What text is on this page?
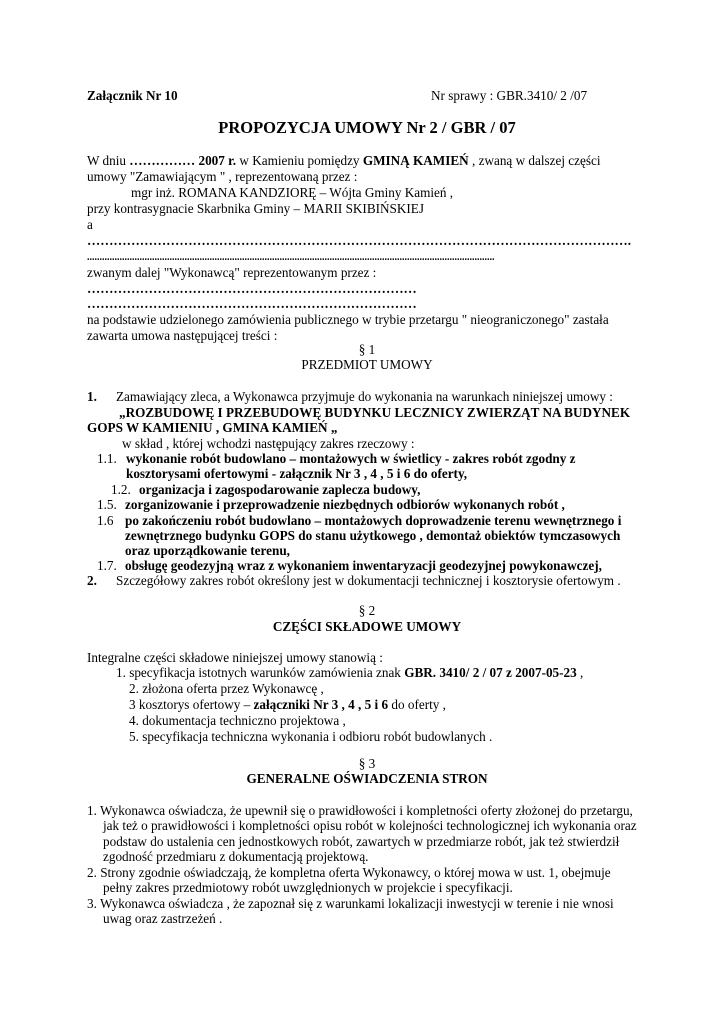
Załącznik Nr 10	Nr sprawy : GBR.3410/ 2 /07
PROPOZYCJA UMOWY Nr 2 / GBR / 07
W dniu …………… 2007 r. w Kamieniu pomiędzy GMINĄ KAMIEŃ , zwaną w dalszej części
umowy "Zamawiającym " , reprezentowaną przez :
mgr inż. ROMANA KANDZIORĘ – Wójta Gminy Kamień ,
przy kontrasygnacie Skarbnika Gminy – MARII SKIBIŃSKIEJ
a
…………………………………………………………………………………………………………….
...................................................................................................................................................................
zwanym dalej "Wykonawcą" reprezentowanym przez :
…………………………………………………………………
…………………………………………………………………
na podstawie udzielonego zamówienia publicznego w trybie przetargu " nieograniczonego" zastała
zawarta umowa następującej treści :
§ 1
PRZEDMIOT UMOWY
1. Zamawiający zleca, a Wykonawca przyjmuje do wykonania na warunkach niniejszej umowy :
„ROZBUDOWĘ I PRZEBUDOWĘ BUDYNKU LECZNICY ZWIERZĄT NA BUDYNEK
GOPS W KAMIENIU , GMINA KAMIEŃ „
w skład , której wchodzi następujący zakres rzeczowy :
1.1. wykonanie robót budowlano – montażowych w świetlicy - zakres robót zgodny z
kosztorysami ofertowymi - załącznik Nr 3 , 4 , 5 i 6 do oferty,
1.2. organizacja i zagospodarowanie zaplecza budowy,
1.5. zorganizowanie i przeprowadzenie niezbędnych odbiorów wykonanych robót ,
1.6 po zakończeniu robót budowlano – montażowych doprowadzenie terenu wewnętrznego i
zewnętrznego budynku GOPS do stanu użytkowego , demontaż obiektów tymczasowych
oraz uporządkowanie terenu,
1.7. obsługę geodezyjną wraz z wykonaniem inwentaryzacji geodezyjnej powykonawczej,
2. Szczegółowy zakres robót określony jest w dokumentacji technicznej i kosztorysie ofertowym .
§ 2
CZĘŚCI SKŁADOWE UMOWY
Integralne części składowe niniejszej umowy stanowią :
1. specyfikacja istotnych warunków zamówienia znak GBR. 3410/ 2 / 07 z 2007-05-23 ,
2. złożona oferta przez Wykonawcę ,
3 kosztorys ofertowy – załączniki Nr 3 , 4 , 5 i 6 do oferty ,
4. dokumentacja techniczno projektowa ,
5. specyfikacja techniczna wykonania i odbioru robót budowlanych .
§ 3
GENERALNE OŚWIADCZENIA STRON
1. Wykonawca oświadcza, że upewnił się o prawidłowości i kompletności oferty złożonej do przetargu,
jak też o prawidłowości i kompletności opisu robót w kolejności technologicznej ich wykonania oraz
podstaw do ustalenia cen jednostkowych robót, zawartych w przedmiarze robót, jak też stwierdził
zgodność przedmiaru z dokumentacją projektową.
2. Strony zgodnie oświadczają, że kompletna oferta Wykonawcy, o której mowa w ust. 1, obejmuje
pełny zakres przedmiotowy robót uwzględnionych w projekcie i specyfikacji.
3. Wykonawca oświadcza , że zapoznał się z warunkami lokalizacji inwestycji w terenie i nie wnosi
uwag oraz zastrzeżeń .
